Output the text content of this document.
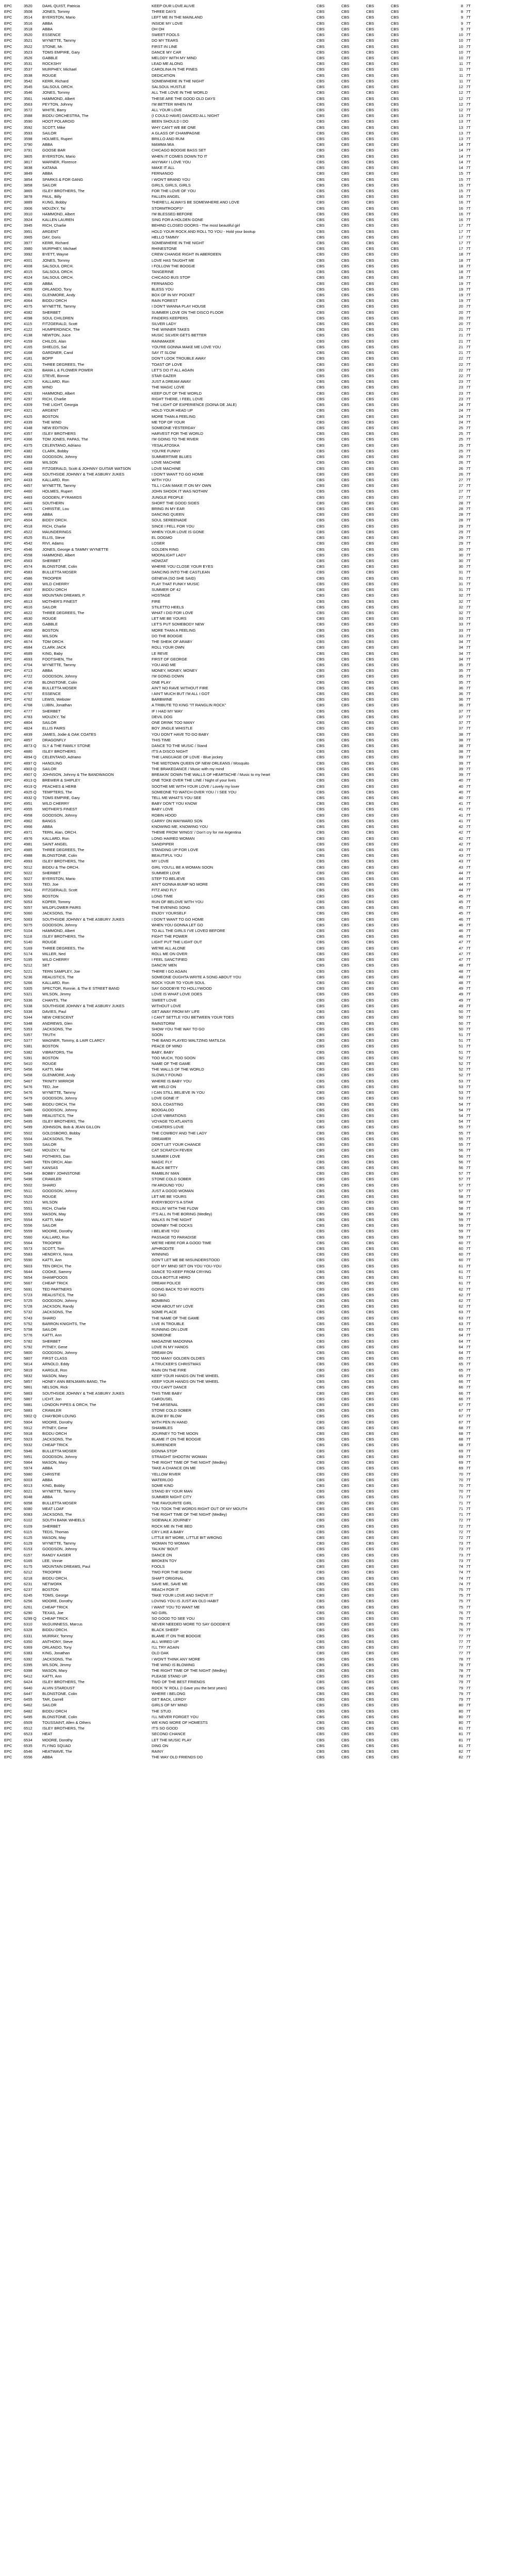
EPC	3520	DAHL QUIST, Patricia	KEEP OUR LOVE ALIVE	CBS	CBS	CBS	CBS	8 7T
EPC	3508	JONES, Tommy	THREE DAYS	CBS	CBS	CBS	CBS	8 7T
EPC	3514	BYERSTON, Mario	LEFT ME IN THE MAINLAND	CBS	CBS	CBS	CBS	9 7T
EPC	3516	ABBA	INSIDE MY LOVE	CBS	CBS	CBS	CBS	9 7T
EPC	3518	ABBA	OH OH	CBS	CBS	CBS	CBS	9 7T
EPC	3520	ESSENCE	SWEET FOOLS	CBS	CBS	CBS	CBS	10 7T
EPC	3521	WYNETTE, Tammy	DO MY TEARS	CBS	CBS	CBS	CBS	10 7T
EPC	3522	STONE, Mr.	FIRST IN LINE	CBS	CBS	CBS	CBS	10 7T
EPC	3523	TOMS EMPIRE, Gary	DANCE MY CAR	CBS	CBS	CBS	CBS	10 7T
EPC	3526	GABBLE	MELODY WITH MY MIND	CBS	CBS	CBS	CBS	10 7T
EPC	3531	ROCKSHY	LEAD ME ALONG	CBS	CBS	CBS	CBS	11 7T
EPC	3537	MURPHEY, Michael	CAROLINA IN THE PINES	CBS	CBS	CBS	CBS	11 7T
EPC	3538	ROUGE	DEDICATION	CBS	CBS	CBS	CBS	11 7T
EPC	3542	KERR, Richard	SOMEWHERE IN THE NIGHT	CBS	CBS	CBS	CBS	11 7T
EPC	3545	SALSOUL ORCH.	SALSOUL HUSTLE	CBS	CBS	CBS	CBS	12 7T
EPC	3546	JONES, Tommy	ALL THE LOVE IN THE WORLD	CBS	CBS	CBS	CBS	12 7T
EPC	3561	HAMMOND, Albert	THESE ARE THE GOOD OLD DAYS	CBS	CBS	CBS	CBS	12 7T
EPC	3563	PEYTON, Johnny	I'M BETTER WHEN I'M	CBS	CBS	CBS	CBS	12 7T
EPC	3572	WHITE, Barry	ALL YOUR LOVE	CBS	CBS	CBS	CBS	12 7T
EPC	3588	BIDDU ORCHESTRA, The	(I COULD HAVE) DANCED ALL NIGHT	CBS	CBS	CBS	CBS	13 7T
EPC	3590	HOOT POLAROID	BEEN SHOULD I DO	CBS	CBS	CBS	CBS	13 7T
EPC	3592	SCOTT, Mike	WHY CAN'T WE BE ONE	CBS	CBS	CBS	CBS	13 7T
EPC	3593	SAILOR	A GLASS OF CHAMPAGNE	CBS	CBS	CBS	CBS	13 7T
EPC	3598	HOLMES, Rupert	BRILLO AND RUM	CBS	CBS	CBS	CBS	13 7T
EPC	3790	ABBA	MAMMA MIA	CBS	CBS	CBS	CBS	14 7T
EPC	3791	GOOSE BAR	CHICAGO BOOGIE BASS SET	CBS	CBS	CBS	CBS	14 7T
EPC	3805	BYERSTON, Mario	WHEN IT COMES DOWN TO IT	CBS	CBS	CBS	CBS	14 7T
EPC	3817	WARNER, Florence	ANYWAY I LOVE YOU	CBS	CBS	CBS	CBS	14 7T
EPC	3838	KATANA	MAKE IT ALL	CBS	CBS	CBS	CBS	14 7T
EPC	3849	ABBA	FERNANDO	CBS	CBS	CBS	CBS	15 7T
EPC	3854	SPARKS & FOR GANG	I WON'T BRAND YOU	CBS	CBS	CBS	CBS	15 7T
EPC	3858	SAILOR	GIRLS, GIRLS, GIRLS	CBS	CBS	CBS	CBS	15 7T
EPC	3865	ISLEY BROTHERS, The	FOR THE LOVE OF YOU	CBS	CBS	CBS	CBS	15 7T
EPC	3878	PAUL, Billy	FALLEN ANGEL	CBS	CBS	CBS	CBS	16 7T
EPC	3889	KUNG, Bobby	THERE'LL ALWAYS BE SOMEWHERE AND LOVE	CBS	CBS	CBS	CBS	16 7T
EPC	3906	MOUZKY, Tal	STORMTROOPS*	CBS	CBS	CBS	CBS	16 7T
EPC	3910	HAMMOND, Albert	I'M BLESSED BEFORE	CBS	CBS	CBS	CBS	16 7T
EPC	3924	KALLEN LAUREN	SING FOR A HOLDEN GONE	CBS	CBS	CBS	CBS	16 7T
EPC	3945	RICH, Charlie	BEHIND CLOSED DOORS - The most beautiful girl	CBS	CBS	CBS	CBS	17 7T
EPC	3951	ARGENT	HOLD YOUR ROCK AND ROLL TO YOU - Hold your bootup	CBS	CBS	CBS	CBS	17 7T
EPC	3965	DAY, Doris	HELLO TAMMY	CBS	CBS	CBS	CBS	17 7T
EPC	3977	KERR, Richard	SOMEWHERE IN THE NIGHT	CBS	CBS	CBS	CBS	17 7T
EPC	3980	MURPHEY, Michael	RHINESTONE	CBS	CBS	CBS	CBS	17 7T
EPC	3992	BYETT, Wayne	CREW CHANGE RIGHT IN ABERDEEN	CBS	CBS	CBS	CBS	18 7T
EPC	4001	JONES, Tommy	LOVE HAS TAUGHT ME	CBS	CBS	CBS	CBS	18 7T
EPC	4008	SALSOUL ORCH.	I FOLLOW THE BOOGIE	CBS	CBS	CBS	CBS	18 7T
EPC	4015	SALSOUL ORCH.	TANGERINE	CBS	CBS	CBS	CBS	18 7T
EPC	4024	SALSOUL ORCH.	CHICAGO BUS STOP	CBS	CBS	CBS	CBS	18 7T
EPC	4036	ABBA	FERNANDO	CBS	CBS	CBS	CBS	19 7T
EPC	4059	ORLANDO, Tony	BLESS YOU	CBS	CBS	CBS	CBS	19 7T
EPC	4061	GLENMORE, Andy	BOX OF IN MY POCKET	CBS	CBS	CBS	CBS	19 7T
EPC	4064	BIDDU ORCH	RAIN FOREST	CBS	CBS	CBS	CBS	19 7T
EPC	4075	WYNETTE, Tammy	I DON'T WANNA PLAY HOUSE	CBS	CBS	CBS	CBS	20 7T
EPC	4082	SHERBET	SUMMER LOVE ON THE DISCO FLOOR	CBS	CBS	CBS	CBS	20 7T
EPC	4098	SOUL CHILDREN	FINDERS KEEPERS	CBS	CBS	CBS	CBS	20 7T
EPC	4115	FITZGERALD, Scott	SILVER LADY	CBS	CBS	CBS	CBS	20 7T
EPC	4122	HUMPERDINCK, The	THE WINNER TAKES	CBS	CBS	CBS	CBS	21 7T
EPC	4138	NEWTON, Juice	MUSIC SILVER GETS BETTER	CBS	CBS	CBS	CBS	21 7T
EPC	4159	CHILDS, Alan	RAINMAKER	CBS	CBS	CBS	CBS	21 7T
EPC	4165	SHIELDS, Sal	YOU'RE GONNA MAKE ME LOVE YOU	CBS	CBS	CBS	CBS	21 7T
EPC	4168	GARDNER, Carol	SAY IT SLOW	CBS	CBS	CBS	CBS	21 7T
EPC	4181	BOPP	DON'T LOOK TROUBLE AWAY	CBS	CBS	CBS	CBS	22 7T
EPC	4201	THREE DEGREES, The	TOAST OF LOVE	CBS	CBS	CBS	CBS	22 7T
EPC	4226	BAMA L & FLOWER POWER	LET'S DO IT ALL AGAIN	CBS	CBS	CBS	CBS	22 7T
EPC	4232	STEVE, Bonnie	STAR GAZER	CBS	CBS	CBS	CBS	22 7T
EPC	4270	KALLARD, Ron	JUST A DREAM AWAY	CBS	CBS	CBS	CBS	23 7T
EPC	4285	WIND	THE MAGIC LOVE	CBS	CBS	CBS	CBS	23 7T
EPC	4291	HAMMOND, Albert	KEEP OUT OF THE WORLD	CBS	CBS	CBS	CBS	23 7T
EPC	4297	RICH, Charlie	RIGHT THERE, I FEEL LOVE	CBS	CBS	CBS	CBS	23 7T
EPC	4309	THE LIGHT, Georgia	THE LIGHT OF EXPERIENCE (DOINA DE JALE)	CBS	CBS	CBS	CBS	24 7T
EPC	4321	ARGENT	HOLD YOUR HEAD UP	CBS	CBS	CBS	CBS	24 7T
EPC	4325	BOSTON	MORE THAN A FEELING	CBS	CBS	CBS	CBS	24 7T
EPC	4339	THE WIND	ME TOP OF YOUR	CBS	CBS	CBS	CBS	24 7T
EPC	4348	NEW EDITION	SOMEONE YESTERDAY	CBS	CBS	CBS	CBS	25 7T
EPC	4357	ISLEY BROTHERS	HARVEST FOR THE WORLD	CBS	CBS	CBS	CBS	25 7T
EPC	4366	TOM JONES, PAPAS, The	I'M GOING TO THE RIVER	CBS	CBS	CBS	CBS	25 7T
EPC	4375	CELENTANO, Adriano	YESALATOSKA	CBS	CBS	CBS	CBS	25 7T
EPC	4382	CLARK, Bobby	YOU'RE FUNNY	CBS	CBS	CBS	CBS	25 7T
EPC	4383	GOODSON, Johnny	SUMMERTIME BLUES	CBS	CBS	CBS	CBS	26 7T
EPC	4398	WILSON	LOVE MACHINE	CBS	CBS	CBS	CBS	26 7T
EPC	4403	FITZGERALD, Scott & JOHNNY GUITAR WATSON	LOVE MACHINE	CBS	CBS	CBS	CBS	26 7T
EPC	4408	SOUTHSIDE JOHNNY & THE ASBURY JUKES	I DON'T WANT TO GO HOME	CBS	CBS	CBS	CBS	26 7T
EPC	4433	KALLARD, Ron	WITH YOU	CBS	CBS	CBS	CBS	27 7T
EPC	4457	WYNETTE, Tammy	TILL I CAN MAKE IT ON MY OWN	CBS	CBS	CBS	CBS	27 7T
EPC	4460	HOLMES, Rupert	JOHN SHOOK IT WAS NOTHIN'	CBS	CBS	CBS	CBS	27 7T
EPC	4463	GOODEN, PYRAMIDS	JUNGLE PEOPLE	CBS	CBS	CBS	CBS	27 7T
EPC	4469	SOUTHERN	SHORT THE GOOD SIDES	CBS	CBS	CBS	CBS	28 7T
EPC	4471	CHRISTIE, Lou	BRING IN MY EAR	CBS	CBS	CBS	CBS	28 7T
EPC	4499	ABBA	DANCING QUEEN	CBS	CBS	CBS	CBS	28 7T
EPC	4504	BIDDY ORCH.	SOUL SEREENADE	CBS	CBS	CBS	CBS	28 7T
EPC	4518	RICH, Charlie	SINCE I FELL FOR YOU	CBS	CBS	CBS	CBS	29 7T
EPC	4522	MAUNDERINGS	WHEN YOUR LOVE IS GONE	CBS	CBS	CBS	CBS	29 7T
EPC	4525	ELLIS, Steve	EL DOGMO	CBS	CBS	CBS	CBS	29 7T
EPC	4542	RIVI, Adams	LOSER	CBS	CBS	CBS	CBS	29 7T
EPC	4546	JONES, George & TAMMY WYNETTE	GOLDEN RING	CBS	CBS	CBS	CBS	30 7T
EPC	4558	HAMMOND, Albert	MOONLIGHT LADY	CBS	CBS	CBS	CBS	30 7T
EPC	4563	SHERBET	HOWZAT	CBS	CBS	CBS	CBS	30 7T
EPC	4574	BLONSTONE, Colin	WHERE YOU CLOSE YOUR EYES	CBS	CBS	CBS	CBS	30 7T
EPC	4583	BULLETTA MOSER	DANCING INTO THE CASTLEAN	CBS	CBS	CBS	CBS	31 7T
EPC	4586	TROOPER	GENEVA (SO SHE SAID)	CBS	CBS	CBS	CBS	31 7T
EPC	4593	WILD CHERRY	PLAY THAT FUNKY MUSIC	CBS	CBS	CBS	CBS	31 7T
EPC	4597	BIDDU ORCH	SUMMER OF 42	CBS	CBS	CBS	CBS	31 7T
EPC	4608	MOUNTAIN DREAMS, P.	HOSTAGE	CBS	CBS	CBS	CBS	32 7T
EPC	4613	MOTHER'S FINEST	FIRE	CBS	CBS	CBS	CBS	32 7T
EPC	4616	SAILOR	STILETTO HEELS	CBS	CBS	CBS	CBS	32 7T
EPC	4622	THREE DEGREES, The	WHAT I DID FOR LOVE	CBS	CBS	CBS	CBS	32 7T
EPC	4630	ROUGE	LET ME BE YOURS	CBS	CBS	CBS	CBS	33 7T
EPC	4635	GABBLE	LET'S PUT SOMEBODY NEW	CBS	CBS	CBS	CBS	33 7T
EPC	4658	BOSTON	MORE THAN A FEELING	CBS	CBS	CBS	CBS	33 7T
EPC	4662	WILSON	DO THE BOOGIE	CBS	CBS	CBS	CBS	33 7T
EPC	4674	TOM ORCH.	THE SHEIK OF ARABY	CBS	CBS	CBS	CBS	34 7T
EPC	4684	CLARK JACK	ROLL YOUR OWN	CBS	CBS	CBS	CBS	34 7T
EPC	4689	KING, Baby	LE REVE	CBS	CBS	CBS	CBS	34 7T
EPC	4693	FOOTSHEN, The	FIRST OF GEORGE	CBS	CBS	CBS	CBS	34 7T
EPC	4704	WYNETTE, Tammy	YOU AND ME	CBS	CBS	CBS	CBS	35 7T
EPC	4713	ABBA	MONEY, MONEY, MONEY	CBS	CBS	CBS	CBS	35 7T
EPC	4722	GOODSON, Johnny	I'M GOING DOWN	CBS	CBS	CBS	CBS	35 7T
EPC	4735	BLONSTONE, Colin	ONE PLAY	CBS	CBS	CBS	CBS	35 7T
EPC	4746	BULLETTA MOSER	AIN'T NO RAVE WITHOUT FIRE	CBS	CBS	CBS	CBS	36 7T
EPC	4757	ESSENCE	I AIN'T MUCH BUT I'M ALL I GOT	CBS	CBS	CBS	CBS	36 7T
EPC	4762	LEWIS, Webster	BARBWINE	CBS	CBS	CBS	CBS	36 7T
EPC	4768	LUBIN, Jonathan	A TRIBUTE TO KING "IT RANGLIN ROCK"	CBS	CBS	CBS	CBS	36 7T
EPC	4777	SHERBET	IF I HAD MY WAY	CBS	CBS	CBS	CBS	37 7T
EPC	4783	MOUZKY, Tal	DEVIL DOG	CBS	CBS	CBS	CBS	37 7T
EPC	4804	SAILOR	ONE DRINK TOO MANY	CBS	CBS	CBS	CBS	37 7T
EPC	4824	ELLIS PAIRS	BOY JINGLE WHISTLE	CBS	CBS	CBS	CBS	37 7T
EPC	4839	JAMES, Jodie & OAK COATES	YOU DON'T HAVE TO GO BABY	CBS	CBS	CBS	CBS	38 7T
EPC	4857	DRAGONFLY	THIS TIME	CBS	CBS	CBS	CBS	38 7T
EPC	4873 Q	SLY & THE FAMILY STONE	DANCE TO THE MUSIC / Stand	CBS	CBS	CBS	CBS	38 7T
EPC	4880	ISLEY BROTHERS	IT'S A DISCO NIGHT	CBS	CBS	CBS	CBS	38 7T
EPC	4894 Q	CELENTANO, Adriano	THE LANGUAGE OF LOVE - Blue jockey	CBS	CBS	CBS	CBS	39 7T
EPC	4897 Q	HANDLING	THE MIDTOWN QUEEN OF NEW ORLEANS / Mosquito	CBS	CBS	CBS	CBS	39 7T
EPC	4903 Q	SAILOR	THE BRAKEDANCE / Music with my mind	CBS	CBS	CBS	CBS	39 7T
EPC	4907 Q	JOHNSON, Johnny & The BANDWAGON	BREAKIN' DOWN THE WALLS OF HEARTACHE / Music to my heart	CBS	CBS	CBS	CBS	39 7T
EPC	4913 Q	BREWER & SHIPLEY	ONE TOKE OVER THE LINE / Night of your lives	CBS	CBS	CBS	CBS	40 7T
EPC	4919 Q	PEACHES & HERB	SOOTHE ME WITH YOUR LOVE / Lovely my lover	CBS	CBS	CBS	CBS	40 7T
EPC	4925 Q	TEMPTERS, The	SOMEONE TO WATCH OVER YOU / I SEE YOU	CBS	CBS	CBS	CBS	40 7T
EPC	4932 Q	TOMS EMPIRE, Gary	TELL ME WHAT'S YOU SEE	CBS	CBS	CBS	CBS	40 7T
EPC	4951	WILD CHERRY	BABY DON'T YOU KNOW	CBS	CBS	CBS	CBS	41 7T
EPC	4955	MOTHER'S FINEST	BABY LOVE	CBS	CBS	CBS	CBS	41 7T
EPC	4958	GOODSON, Johnny	ROBIN HOOD	CBS	CBS	CBS	CBS	41 7T
EPC	4962	BANGS	CARRY ON WAYWARD SON	CBS	CBS	CBS	CBS	41 7T
EPC	4966	ABBA	KNOWING ME, KNOWING YOU	CBS	CBS	CBS	CBS	42 7T
EPC	4971	TERN, Alan, ORCH.	THEME FROM 'WINGS' / Don't cry for me Argentina	CBS	CBS	CBS	CBS	42 7T
EPC	4976	KALLARD, Ron	LONG HAIRED WOMAN	CBS	CBS	CBS	CBS	42 7T
EPC	4981	SAINT ANGEL	SANDPIPER	CBS	CBS	CBS	CBS	42 7T
EPC	4985	THREE DEGREES, The	STANDING UP FOR LOVE	CBS	CBS	CBS	CBS	43 7T
EPC	4988	BLONSTONE, Colin	BEAUTIFUL YOU	CBS	CBS	CBS	CBS	43 7T
EPC	4993	ISLEY BROTHERS, The	MY LOVE	CBS	CBS	CBS	CBS	43 7T
EPC	5012	BIDDU & The ORCH.	GIRL YOU'LL BE A WOMAN SOON	CBS	CBS	CBS	CBS	43 7T
EPC	5022	SHERBET	SUMMER LOVE	CBS	CBS	CBS	CBS	44 7T
EPC	5027	BYERSTON, Mario	STEP TO BELIEVE	CBS	CBS	CBS	CBS	44 7T
EPC	5033	TED, Joe	AIN'T GONNA BUMP NO MORE	CBS	CBS	CBS	CBS	44 7T
EPC	5041	FITZGERALD, Scott	FITZ AND FLY	CBS	CBS	CBS	CBS	44 7T
EPC	5050	BOSTON	LONG TIME	CBS	CBS	CBS	CBS	45 7T
EPC	5053	KOPER, Tommy	RUN OF BELOVE WITH YOU	CBS	CBS	CBS	CBS	45 7T
EPC	5057	WILDFLOWER PAIRS	THE EVENING SONG	CBS	CBS	CBS	CBS	45 7T
EPC	5060	JACKSONS, The	ENJOY YOURSELF	CBS	CBS	CBS	CBS	45 7T
EPC	5063	SOUTHSIDE JOHNNY & THE ASBURY JUKES	I DON'T WANT TO GO HOME	CBS	CBS	CBS	CBS	46 7T
EPC	5075	GOODSON, Johnny	WHEN YOU GONNA LET GO	CBS	CBS	CBS	CBS	46 7T
EPC	5104	HAMMOND, Albert	TO ALL THE GIRLS I'VE LOVED BEFORE	CBS	CBS	CBS	CBS	46 7T
EPC	5118	ISLEY BROTHERS, The	FIGHT THE POWER	CBS	CBS	CBS	CBS	46 7T
EPC	5140	ROUGE	LIGHT PUT THE LIGHT OUT	CBS	CBS	CBS	CBS	47 7T
EPC	5169	THREE DEGREES, The	WE'RE ALL ALONE	CBS	CBS	CBS	CBS	47 7T
EPC	5174	MILLER, Ned	ROLL ME ON OVER	CBS	CBS	CBS	CBS	47 7T
EPC	5195	WILD CHERRY	I FEEL SANCTIFIED	CBS	CBS	CBS	CBS	47 7T
EPC	5212	SET	DANCIN' MEN	CBS	CBS	CBS	CBS	48 7T
EPC	5221	TERN SAMPLEY, Joe	THERE I GO AGAIN	CBS	CBS	CBS	CBS	48 7T
EPC	5236	REALISTICS, The	SOMEONE OUGHTA WRITE A SONG ABOUT YOU	CBS	CBS	CBS	CBS	48 7T
EPC	5266	KALLARD, Ron	ROCK YOUR TO YOUR SOUL	CBS	CBS	CBS	CBS	48 7T
EPC	5305	SPECTOR, Ronnie, & The E STREET BAND	SAY GOODBYE TO HOLLYWOOD	CBS	CBS	CBS	CBS	49 7T
EPC	5321	WILSON, Jimmy	LOVE IS WHAT LOVE DOES	CBS	CBS	CBS	CBS	49 7T
EPC	5336	CHANTS, The	SWEET LOVE	CBS	CBS	CBS	CBS	49 7T
EPC	5338	SOUTHSIDE JOHNNY & THE ASBURY JUKES	WITHOUT LOVE	CBS	CBS	CBS	CBS	49 7T
EPC	5338	DAVIES, Paul	GET AWAY FROM MY LIFE	CBS	CBS	CBS	CBS	50 7T
EPC	5344	NEW CRESCENT	I CAN'T SETTLE YOU BETWEEN YOUR TOES	CBS	CBS	CBS	CBS	50 7T
EPC	5348	ANDREWS, Glen	RAINSTORM	CBS	CBS	CBS	CBS	50 7T
EPC	5353	JACKSONS, The	SHOW YOU THE WAY TO GO	CBS	CBS	CBS	CBS	50 7T
EPC	5357	TRUTH	SOON	CBS	CBS	CBS	CBS	51 7T
EPC	5377	WAGNER, Tommy, & LAIR CLARCY	THE BAND PLAYED WALTZING MATILDA	CBS	CBS	CBS	CBS	51 7T
EPC	5381	BOSTON	PEACE OF MIND	CBS	CBS	CBS	CBS	51 7T
EPC	5382	VIBRATORS, The	BABY, BABY	CBS	CBS	CBS	CBS	51 7T
EPC	5391	BOSTON	TOO MUCH, TOO SOON	CBS	CBS	CBS	CBS	52 7T
EPC	5410	ROUGE	NAME OF THE GAME	CBS	CBS	CBS	CBS	52 7T
EPC	5456	KATTI, Mike	THE WALLS OF THE WORLD	CBS	CBS	CBS	CBS	52 7T
EPC	5458	GLENMORE, Andy	SLOWLY FOUND	CBS	CBS	CBS	CBS	52 7T
EPC	5467	TRINITY MIRROR	WHERE IS BABY YOU	CBS	CBS	CBS	CBS	53 7T
EPC	5476	TED, Joe	WE HELD ON	CBS	CBS	CBS	CBS	53 7T
EPC	5476	WYNETTE, Tammy	I CAN STILL BELIEVE IN YOU	CBS	CBS	CBS	CBS	53 7T
EPC	5479	GOODSON, Johnny	LOVE GONE IT	CBS	CBS	CBS	CBS	53 7T
EPC	5480	BIDDU ORCH, The	SOUL COASTING	CBS	CBS	CBS	CBS	54 7T
EPC	5486	GOODSON, Johnny	BOOGALOO	CBS	CBS	CBS	CBS	54 7T
EPC	5489	REALISTICS, The	LOVE VIBRATIONS	CBS	CBS	CBS	CBS	54 7T
EPC	5495	ISLEY BROTHERS, The	VOYAGE TO ATLANTIS	CBS	CBS	CBS	CBS	54 7T
EPC	5499	JOHNSON, Bob & JEAN GILLON	CHEATERS LOVE	CBS	CBS	CBS	CBS	55 7T
EPC	5502	GOLDSBORO, Bobby	THE COWBOY AND THE LADY	CBS	CBS	CBS	CBS	55 7T
EPC	5504	JACKSONS, The	DREAMER	CBS	CBS	CBS	CBS	55 7T
EPC	5505	SAILOR	DON'T LET YOUR CHANCE	CBS	CBS	CBS	CBS	55 7T
EPC	5482	MOUZKY, Tal	CAT SCRATCH FEVER	CBS	CBS	CBS	CBS	56 7T
EPC	5483	POTHERS, Dan	SUMMER LOVE	CBS	CBS	CBS	CBS	56 7T
EPC	5489	TEN ORCH, Alan	MAGIC FLY	CBS	CBS	CBS	CBS	56 7T
EPC	5467	KANSAS	BLACK BETTY	CBS	CBS	CBS	CBS	56 7T
EPC	5494	BOBBY JOHNSTONE	RAMBLIN' MAN	CBS	CBS	CBS	CBS	57 7T
EPC	5496	CRAWLER	STONE COLD SOBER	CBS	CBS	CBS	CBS	57 7T
EPC	5502	SHARD	I'M AROUND YOU	CBS	CBS	CBS	CBS	57 7T
EPC	5511	GOODSON, Johnny	JUST A GOOD WOMAN	CBS	CBS	CBS	CBS	57 7T
EPC	5520	ROUGE	LET ME BE YOURS	CBS	CBS	CBS	CBS	58 7T
EPC	5523	WILSON	EVERYBODY'S A STAR	CBS	CBS	CBS	CBS	58 7T
EPC	5551	RICH, Charlie	ROLLIN' WITH THE FLOW	CBS	CBS	CBS	CBS	58 7T
EPC	5553	MASON, May	IT'S ALL IN THE BORING (Medley)	CBS	CBS	CBS	CBS	58 7T
EPC	5554	KATTI, Mike	WALKS IN THE NIGHT	CBS	CBS	CBS	CBS	59 7T
EPC	5556	SAILOR	DOWNBY THE DOCKS	CBS	CBS	CBS	CBS	59 7T
EPC	5559	MOORE, Dorothy	I BELIEVE YOU	CBS	CBS	CBS	CBS	59 7T
EPC	5560	KALLARD, Ron	PASSAGE TO PARADISE	CBS	CBS	CBS	CBS	59 7T
EPC	5564	TROOPER	WE'RE HERE FOR A GOOD TIME	CBS	CBS	CBS	CBS	60 7T
EPC	5573	SCOTT, Tom	APHRODITE	CBS	CBS	CBS	CBS	60 7T
EPC	5583	HENDRYX, Nona	WINNING	CBS	CBS	CBS	CBS	60 7T
EPC	5590	KATTI, Ann	DON'T LET ME BE MISUNDERSTOOD	CBS	CBS	CBS	CBS	60 7T
EPC	5603	TEN ORCH, The	GOT MY MIND SET ON YOU YOU-YOU	CBS	CBS	CBS	CBS	61 7T
EPC	5644	COOKE, Sammy	DANCE TO KEEP FROM CRYING	CBS	CBS	CBS	CBS	61 7T
EPC	5654	SHAMPOOOS	COLA BOTTLE HERO	CBS	CBS	CBS	CBS	61 7T
EPC	5667	CHEAP TRICK	DREAM POLICE	CBS	CBS	CBS	CBS	61 7T
EPC	5691	TED PARTNERS	GOING BACK TO MY ROOTS	CBS	CBS	CBS	CBS	62 7T
EPC	5723	REALISTICS, The	SO SAD	CBS	CBS	CBS	CBS	62 7T
EPC	5725	GOODSON, Johnny	BOMBING	CBS	CBS	CBS	CBS	62 7T
EPC	5728	JACKSON, Randy	HOW ABOUT MY LOVE	CBS	CBS	CBS	CBS	62 7T
EPC	5732	JACKSONS, The	SOME PLACE	CBS	CBS	CBS	CBS	63 7T
EPC	5743	SHARD	THE NAME OF THE GAME	CBS	CBS	CBS	CBS	63 7T
EPC	5752	BARRON KNIGHTS, The	LIVE IN TROUBLE	CBS	CBS	CBS	CBS	63 7T
EPC	5758	SAILOR	RUNNING ON LOVE	CBS	CBS	CBS	CBS	63 7T
EPC	5776	KATTI, Ann	SOMEONE	CBS	CBS	CBS	CBS	64 7T
EPC	5782	SHERBET	MAGAZINE MADONNA	CBS	CBS	CBS	CBS	64 7T
EPC	5792	PITNEY, Gene	LOVE IN MY HANDS	CBS	CBS	CBS	CBS	64 7T
EPC	5800	GOODSON, Johnny	DREAM ON	CBS	CBS	CBS	CBS	64 7T
EPC	5807	FIRST CLASS	TOO MANY GOLDEN OLDIES	CBS	CBS	CBS	CBS	65 7T
EPC	5814	ARNOLD, Eddy	A TRUCKER'S CHRISTMAS	CBS	CBS	CBS	CBS	65 7T
EPC	5819	KARGLE, Ron	RAIN ON THE FIRE	CBS	CBS	CBS	CBS	65 7T
EPC	5832	MASON, Mary	KEEP YOUR HANDS ON THE WHEEL	CBS	CBS	CBS	CBS	65 7T
EPC	5857	HONEY ANN BENJAMIN BAND, The	KEEP YOUR HANDS ON THE WHEEL	CBS	CBS	CBS	CBS	66 7T
EPC	5861	NELSON, Rick	YOU CAN'T DANCE	CBS	CBS	CBS	CBS	66 7T
EPC	5863	SOUTHSIDE JOHNNY & THE ASBURY JUKES	THIS TIME BABY	CBS	CBS	CBS	CBS	66 7T
EPC	5867	LICHT, Jon	CAROUSEL	CBS	CBS	CBS	CBS	66 7T
EPC	5881	LONDON PIPES & ORCH, The	THE ARSENAL	CBS	CBS	CBS	CBS	67 7T
EPC	5883	CRAWLER	STONE COLD SOBER	CBS	CBS	CBS	CBS	67 7T
EPC	5902 Q	CHAYBOR-LOUNG	BLOW BY BLOW	CBS	CBS	CBS	CBS	67 7T
EPC	5904	MOORE, Dorothy	WITH PEN IN HAND	CBS	CBS	CBS	CBS	67 7T
EPC	5912	PITNEY, Gene	SHAMBLES	CBS	CBS	CBS	CBS	68 7T
EPC	5918	BIDDU ORCH	JOURNEY TO THE MOON	CBS	CBS	CBS	CBS	68 7T
EPC	5923	JACKSONS, The	BLAME IT ON THE BOOGIE	CBS	CBS	CBS	CBS	68 7T
EPC	5932	CHEAP TRICK	SURRENDER	CBS	CBS	CBS	CBS	68 7T
EPC	5946	BULLETTA MOSER	GONNA STOP	CBS	CBS	CBS	CBS	69 7T
EPC	5951	GOODSON, Johnny	STRAIGHT SHOOTIN' WOMAN	CBS	CBS	CBS	CBS	69 7T
EPC	5964	MASON, Mary	THE RIGHT TIME OF THE NIGHT (Medley)	CBS	CBS	CBS	CBS	69 7T
EPC	5974	ABBA	TAKE A CHANCE ON ME	CBS	CBS	CBS	CBS	69 7T
EPC	5980	CHRISTIE	YELLOW RIVER	CBS	CBS	CBS	CBS	70 7T
EPC	6003	ABBA	WATERLOO	CBS	CBS	CBS	CBS	70 7T
EPC	6013	KING, Bobby	SOME KIND	CBS	CBS	CBS	CBS	70 7T
EPC	6021	WYNETTE, Tammy	STAND BY YOUR MAN	CBS	CBS	CBS	CBS	70 7T
EPC	6048	ABBA	SUMMER NIGHT CITY	CBS	CBS	CBS	CBS	71 7T
EPC	6058	BULLETTA MOSER	THE FAVOURITE GIRL	CBS	CBS	CBS	CBS	71 7T
EPC	6080	MEAT LOAF	YOU TOOK THE WORDS RIGHT OUT OF MY MOUTH	CBS	CBS	CBS	CBS	71 7T
EPC	6083	JACKSONS, The	THE RIGHT TIME OF THE NIGHT (Medley)	CBS	CBS	CBS	CBS	71 7T
EPC	6102	SOUTH BANK WHEELS	SIDEWALK JOURNEY	CBS	CBS	CBS	CBS	72 7T
EPC	6109	SHERBET	ROCK ME IN THE BED	CBS	CBS	CBS	CBS	72 7T
EPC	6115	TEDS, Thomas	CRY LIKE A BABY	CBS	CBS	CBS	CBS	72 7T
EPC	6125	MASON, May	LITTLE BIT MORE, LITTLE BIT WRONG	CBS	CBS	CBS	CBS	72 7T
EPC	6129	WYNETTE, Tammy	WOMAN TO WOMAN	CBS	CBS	CBS	CBS	73 7T
EPC	6153	GOODSON, Johnny	TALKIN' 'BOUT	CBS	CBS	CBS	CBS	73 7T
EPC	6157	RANDY KAISER	DANCE ON	CBS	CBS	CBS	CBS	73 7T
EPC	6165	LEE, Vinnie	BROKEN TOY	CBS	CBS	CBS	CBS	73 7T
EPC	6175	MOUNTAIN DREAMS, Paul	FOOLS	CBS	CBS	CBS	CBS	74 7T
EPC	6212	TROOPER	TWO FOR THE SHOW	CBS	CBS	CBS	CBS	74 7T
EPC	6218	BIDDU ORCH.	SHAFT ORIGINAL	CBS	CBS	CBS	CBS	74 7T
EPC	6231	NETWORK	SAVE ME, SAVE ME	CBS	CBS	CBS	CBS	74 7T
EPC	6237	BOSTON	REACH FOR IT	CBS	CBS	CBS	CBS	75 7T
EPC	6245	TOMS, George	TAKE YOUR LOVE AND SHOVE IT	CBS	CBS	CBS	CBS	75 7T
EPC	6256	MOORE, Dorothy	LOVING YOU IS JUST AN OLD HABIT	CBS	CBS	CBS	CBS	75 7T
EPC	6261	CHEAP TRICK	I WANT YOU TO WANT ME	CBS	CBS	CBS	CBS	75 7T
EPC	6290	TEXAS, Joe	NO GIRL	CBS	CBS	CBS	CBS	76 7T
EPC	6299 Q	CHEAP TRICK	SO GOOD TO SEE YOU	CBS	CBS	CBS	CBS	76 7T
EPC	6310	McGUINNESS, Marcus	NEVER NEEDED MORE TO SAY GOODBYE	CBS	CBS	CBS	CBS	76 7T
EPC	6328	BIDDU ORCH.	BLACK SHEEP	CBS	CBS	CBS	CBS	76 7T
EPC	6331	MURRAY, Tommy	BLAME IT ON THE BOOGIE	CBS	CBS	CBS	CBS	77 7T
EPC	6350	ANTHONY, Steve	ALL WIRED UP	CBS	CBS	CBS	CBS	77 7T
EPC	6369	ORLANDO, Tony	I'LL TRY AGAIN	CBS	CBS	CBS	CBS	77 7T
EPC	6383	KING, Jonathan	OLD OAK	CBS	CBS	CBS	CBS	77 7T
EPC	6392	JACKSONS, The	I WON'T THINK ANY MORE	CBS	CBS	CBS	CBS	78 7T
EPC	6395	WILSON, Jimmy	THE WIND IS BLOWING	CBS	CBS	CBS	CBS	78 7T
EPC	6398	MASON, Mary	THE RIGHT TIME OF THE NIGHT (Medley)	CBS	CBS	CBS	CBS	78 7T
EPC	6412	KATTI, Ann	PLEASE STAND UP	CBS	CBS	CBS	CBS	78 7T
EPC	6424	ISLEY BROTHERS, The	TWO OF THE BEST FRIENDS	CBS	CBS	CBS	CBS	79 7T
EPC	6440	ALVIN STARDUST	ROCK 'N' ROLL (I Gave you the best years)	CBS	CBS	CBS	CBS	79 7T
EPC	6447	BLONSTONE, Colin	WHERE I BELONG	CBS	CBS	CBS	CBS	79 7T
EPC	6455	TAR, Darrell	GET BACK, LEROY	CBS	CBS	CBS	CBS	79 7T
EPC	6462	SAILOR	GIRLS OF MY MIND	CBS	CBS	CBS	CBS	80 7T
EPC	6482	BIDDU ORCH	THE STUD	CBS	CBS	CBS	CBS	80 7T
EPC	6495	BLONSTONE, Colin	I'LL NEVER FORGET YOU	CBS	CBS	CBS	CBS	80 7T
EPC	6509	TOUSSAINT, Allen & Others	WE KING MORE OF HOMESTS	CBS	CBS	CBS	CBS	80 7T
EPC	6512	ISLEY BROTHERS, The	IT'S SO GOOD	CBS	CBS	CBS	CBS	81 7T
EPC	6523	HEAT	SECOND CHANCE	CBS	CBS	CBS	CBS	81 7T
EPC	6534	MOORE, Dorothy	LET THE MUSIC PLAY	CBS	CBS	CBS	CBS	81 7T
EPC	6535	FLYING SQUAD	DING ON	CBS	CBS	CBS	CBS	81 7T
EPC	6546	HEATWAVE, The	RAINY	CBS	CBS	CBS	CBS	82 7T
EPC	6556	ABBA	THE WAY OLD FRIENDS DO	CBS	CBS	CBS	CBS	82 7T
